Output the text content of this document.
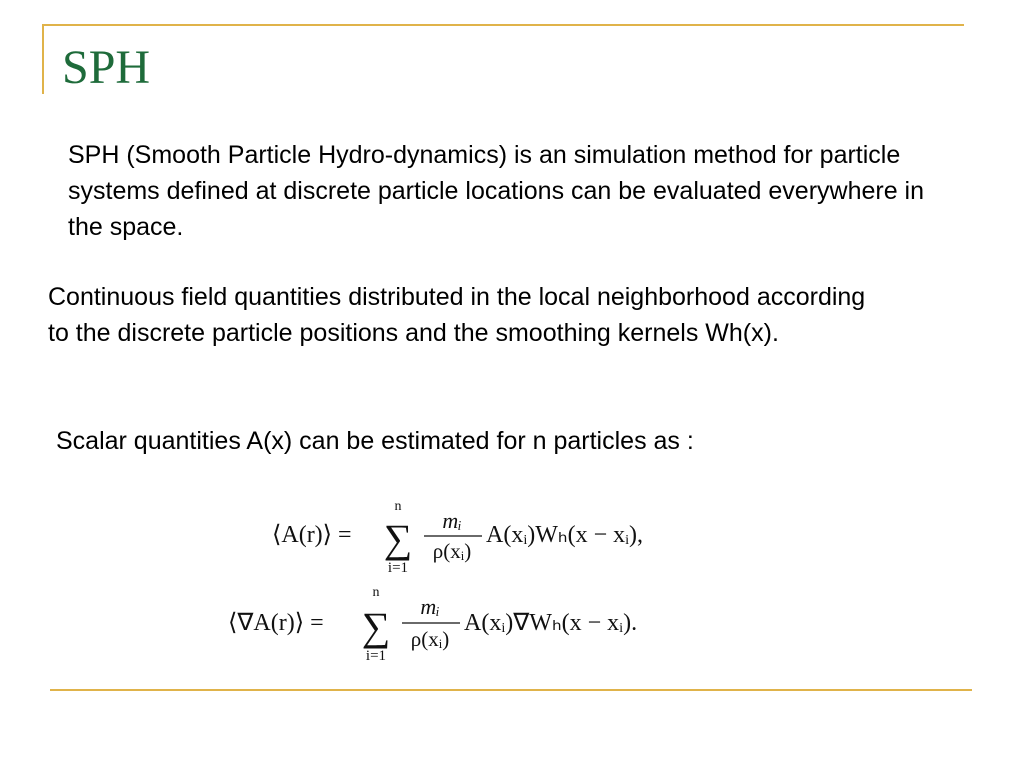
SPH

SPH (Smooth Particle Hydro-dynamics) is an simulation method for particle systems defined at discrete particle locations can be evaluated everywhere in the space.

Continuous field quantities distributed in the local neighborhood according to the discrete particle positions and the smoothing kernels Wh(x).

Scalar quantities A(x) can be estimated for n particles as :

⟨A(r)⟩ =
n
∑
i=1
mᵢ
ρ(xᵢ)
A(xᵢ)Wₕ(x − xᵢ),
⟨∇A(r)⟩ =
n
∑
i=1
mᵢ
ρ(xᵢ)
A(xᵢ)∇Wₕ(x − xᵢ).
